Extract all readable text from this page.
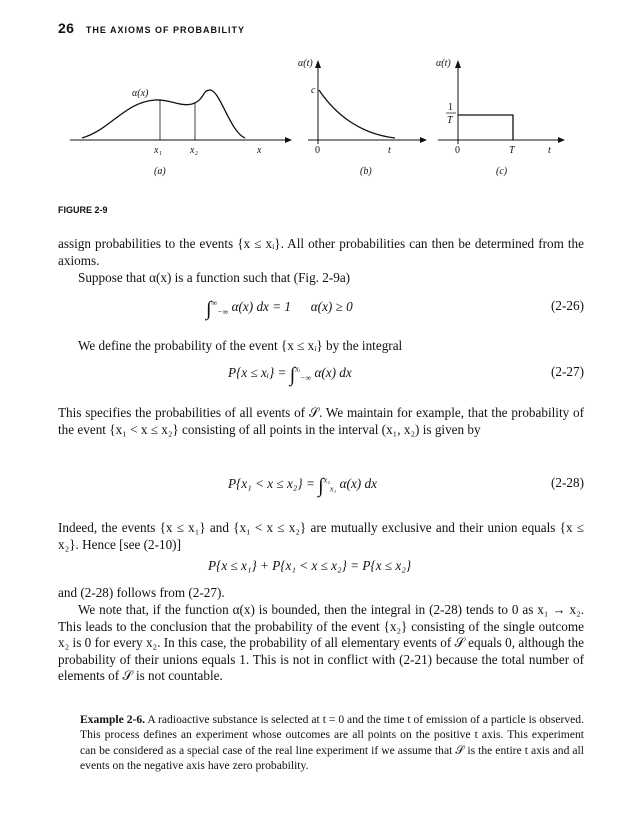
26 THE AXIOMS OF PROBABILITY
α(x)
x₁	x₂	x
(a)
α(t)
c
0	t
(b)
α(t)
1
T
0	T	t
(c)
FIGURE 2-9
assign probabilities to the events {x ≤ xᵢ}. All other probabilities can then be determined from the axioms.
Suppose that α(x) is a function such that (Fig. 2-9a)
$\int^\infty_{-\infty}$ α(x) dx = 1      α(x) ≥ 0	(2-26)
We define the probability of the event {x ≤ xᵢ} by the integral
P{x ≤ xᵢ} = ∫$^{xᵢ}_{-\infty}$ α(x) dx	(2-27)
This specifies the probabilities of all events of 𝒮. We maintain for example, that the probability of the event {x₁ < x ≤ x₂} consisting of all points in the interval (x₁, x₂) is given by
P{x₁ < x ≤ x₂} = ∫$^{x_2}_{x_1}$ α(x) dx	(2-28)
Indeed, the events {x ≤ x₁} and {x₁ < x ≤ x₂} are mutually exclusive and their union equals {x ≤ x₂}. Hence [see (2-10)]
P{x ≤ x₁} + P{x₁ < x ≤ x₂} = P{x ≤ x₂}
and (2-28) follows from (2-27).
We note that, if the function α(x) is bounded, then the integral in (2-28) tends to 0 as x₁ → x₂. This leads to the conclusion that the probability of the event {x₂} consisting of the single outcome x₂ is 0 for every x₂. In this case, the probability of all elementary events of 𝒮 equals 0, although the probability of their unions equals 1. This is not in conflict with (2-21) because the total number of elements of 𝒮 is not countable.
Example 2-6. A radioactive substance is selected at t = 0 and the time t of emission of a particle is observed. This process defines an experiment whose outcomes are all points on the positive t axis. This experiment can be considered as a special case of the real line experiment if we assume that 𝒮 is the entire t axis and all events on the negative axis have zero probability.
